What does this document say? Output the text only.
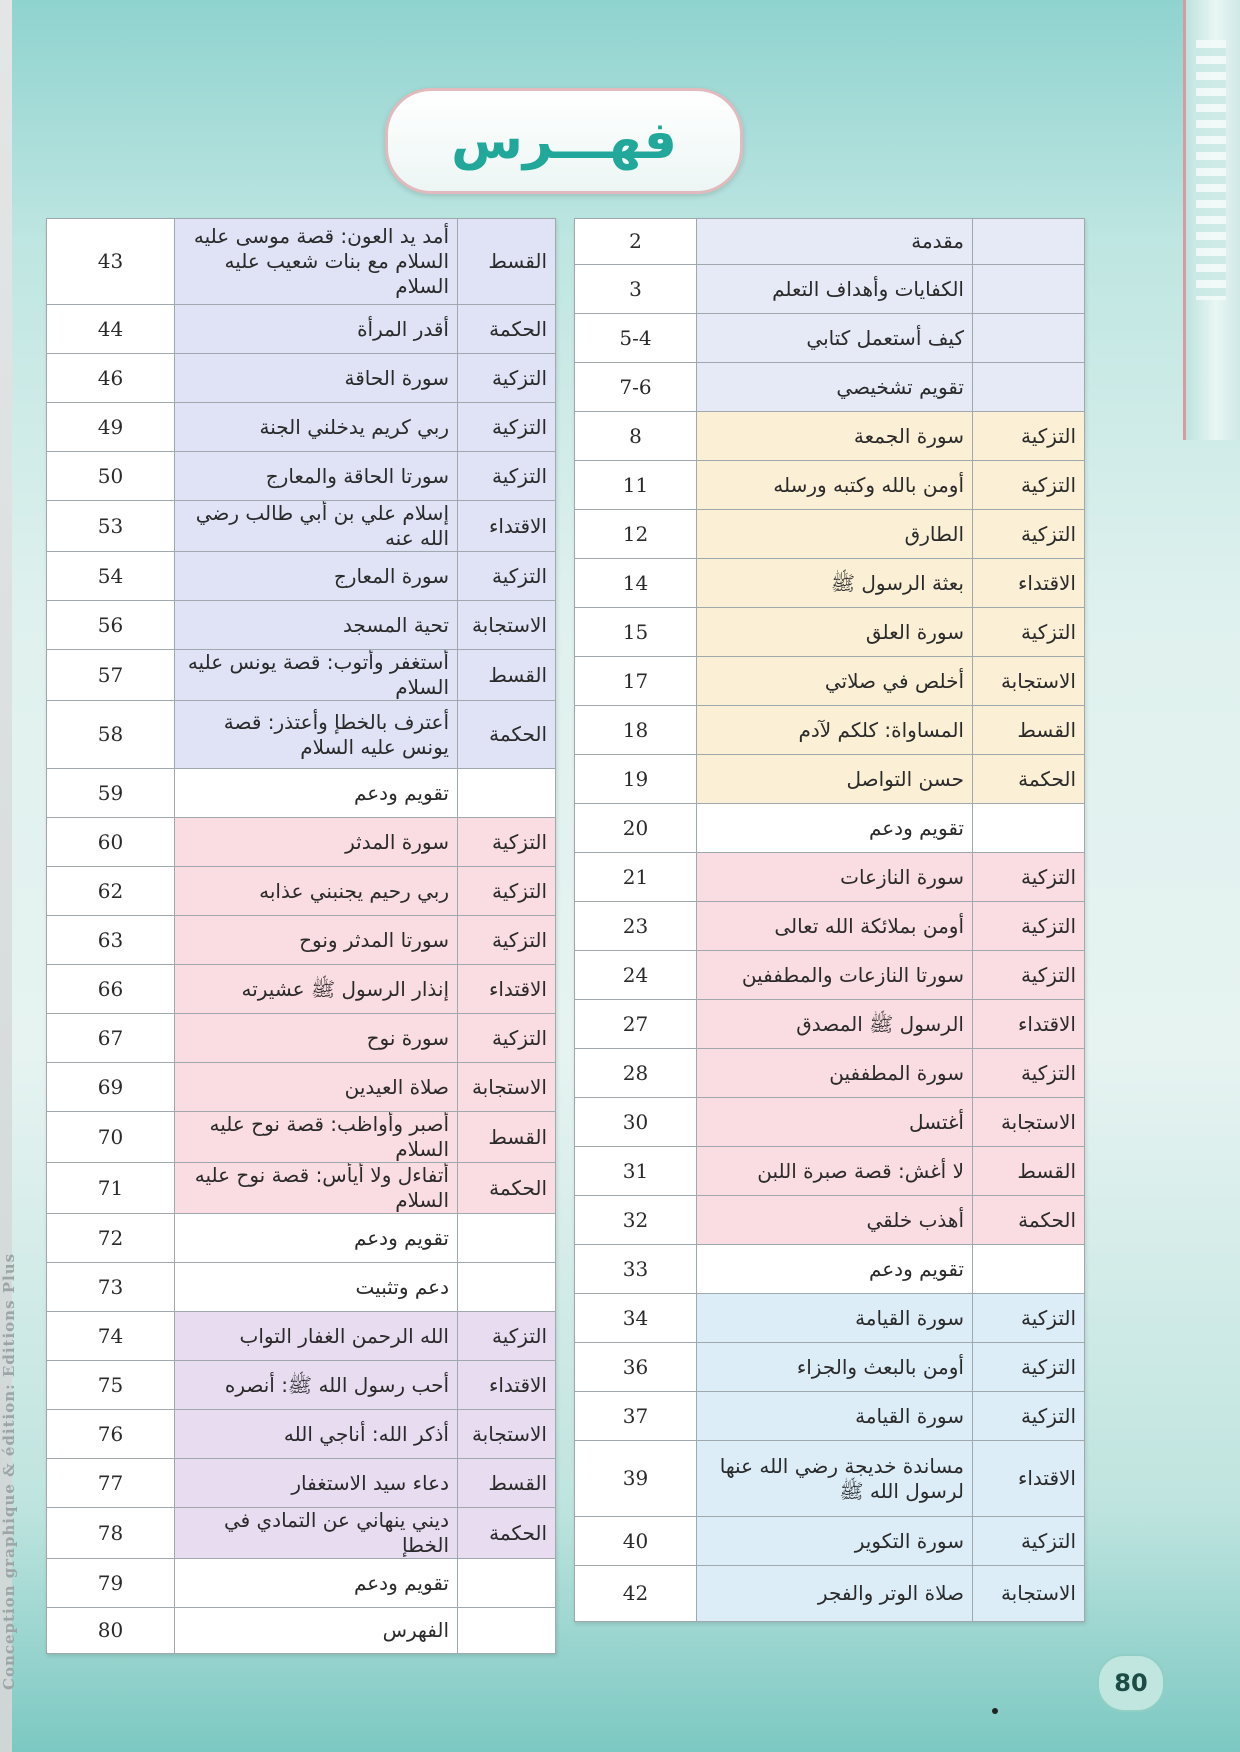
Conception graphique & édition: Editions Plus
فهـــرس
القسط	أمد يد العون: قصة موسى عليه السلام مع بنات شعيب عليه السلام	43
الحكمة	أقدر المرأة	44
التزكية	سورة الحاقة	46
التزكية	ربي كريم يدخلني الجنة	49
التزكية	سورتا الحاقة والمعارج	50
الاقتداء	إسلام علي بن أبي طالب رضي الله عنه	53
التزكية	سورة المعارج	54
الاستجابة	تحية المسجد	56
القسط	أستغفر وأتوب: قصة يونس عليه السلام	57
الحكمة	أعترف بالخطإ وأعتذر: قصة يونس عليه السلام	58
	تقويم ودعم	59
التزكية	سورة المدثر	60
التزكية	ربي رحيم يجنبني عذابه	62
التزكية	سورتا المدثر ونوح	63
الاقتداء	إنذار الرسول ﷺ عشيرته	66
التزكية	سورة نوح	67
الاستجابة	صلاة العيدين	69
القسط	أصبر وأواظب: قصة نوح عليه السلام	70
الحكمة	أتفاءل ولا أيأس: قصة نوح عليه السلام	71
	تقويم ودعم	72
	دعم وتثبيت	73
التزكية	الله الرحمن الغفار التواب	74
الاقتداء	أحب رسول الله ﷺ: أنصره	75
الاستجابة	أذكر الله: أناجي الله	76
القسط	دعاء سيد الاستغفار	77
الحكمة	ديني ينهاني عن التمادي في الخطإ	78
	تقويم ودعم	79
	الفهرس	80
	مقدمة	2
	الكفايات وأهداف التعلم	3
	كيف أستعمل كتابي	5-4
	تقويم تشخيصي	7-6
التزكية	سورة الجمعة	8
التزكية	أومن بالله وكتبه ورسله	11
التزكية	الطارق	12
الاقتداء	بعثة الرسول ﷺ	14
التزكية	سورة العلق	15
الاستجابة	أخلص في صلاتي	17
القسط	المساواة: كلكم لآدم	18
الحكمة	حسن التواصل	19
	تقويم ودعم	20
التزكية	سورة النازعات	21
التزكية	أومن بملائكة الله تعالى	23
التزكية	سورتا النازعات والمطففين	24
الاقتداء	الرسول ﷺ المصدق	27
التزكية	سورة المطففين	28
الاستجابة	أغتسل	30
القسط	لا أغش: قصة صبرة اللبن	31
الحكمة	أهذب خلقي	32
	تقويم ودعم	33
التزكية	سورة القيامة	34
التزكية	أومن بالبعث والجزاء	36
التزكية	سورة القيامة	37
الاقتداء	مساندة خديجة رضي الله عنها لرسول الله ﷺ	39
التزكية	سورة التكوير	40
الاستجابة	صلاة الوتر والفجر	42
80
